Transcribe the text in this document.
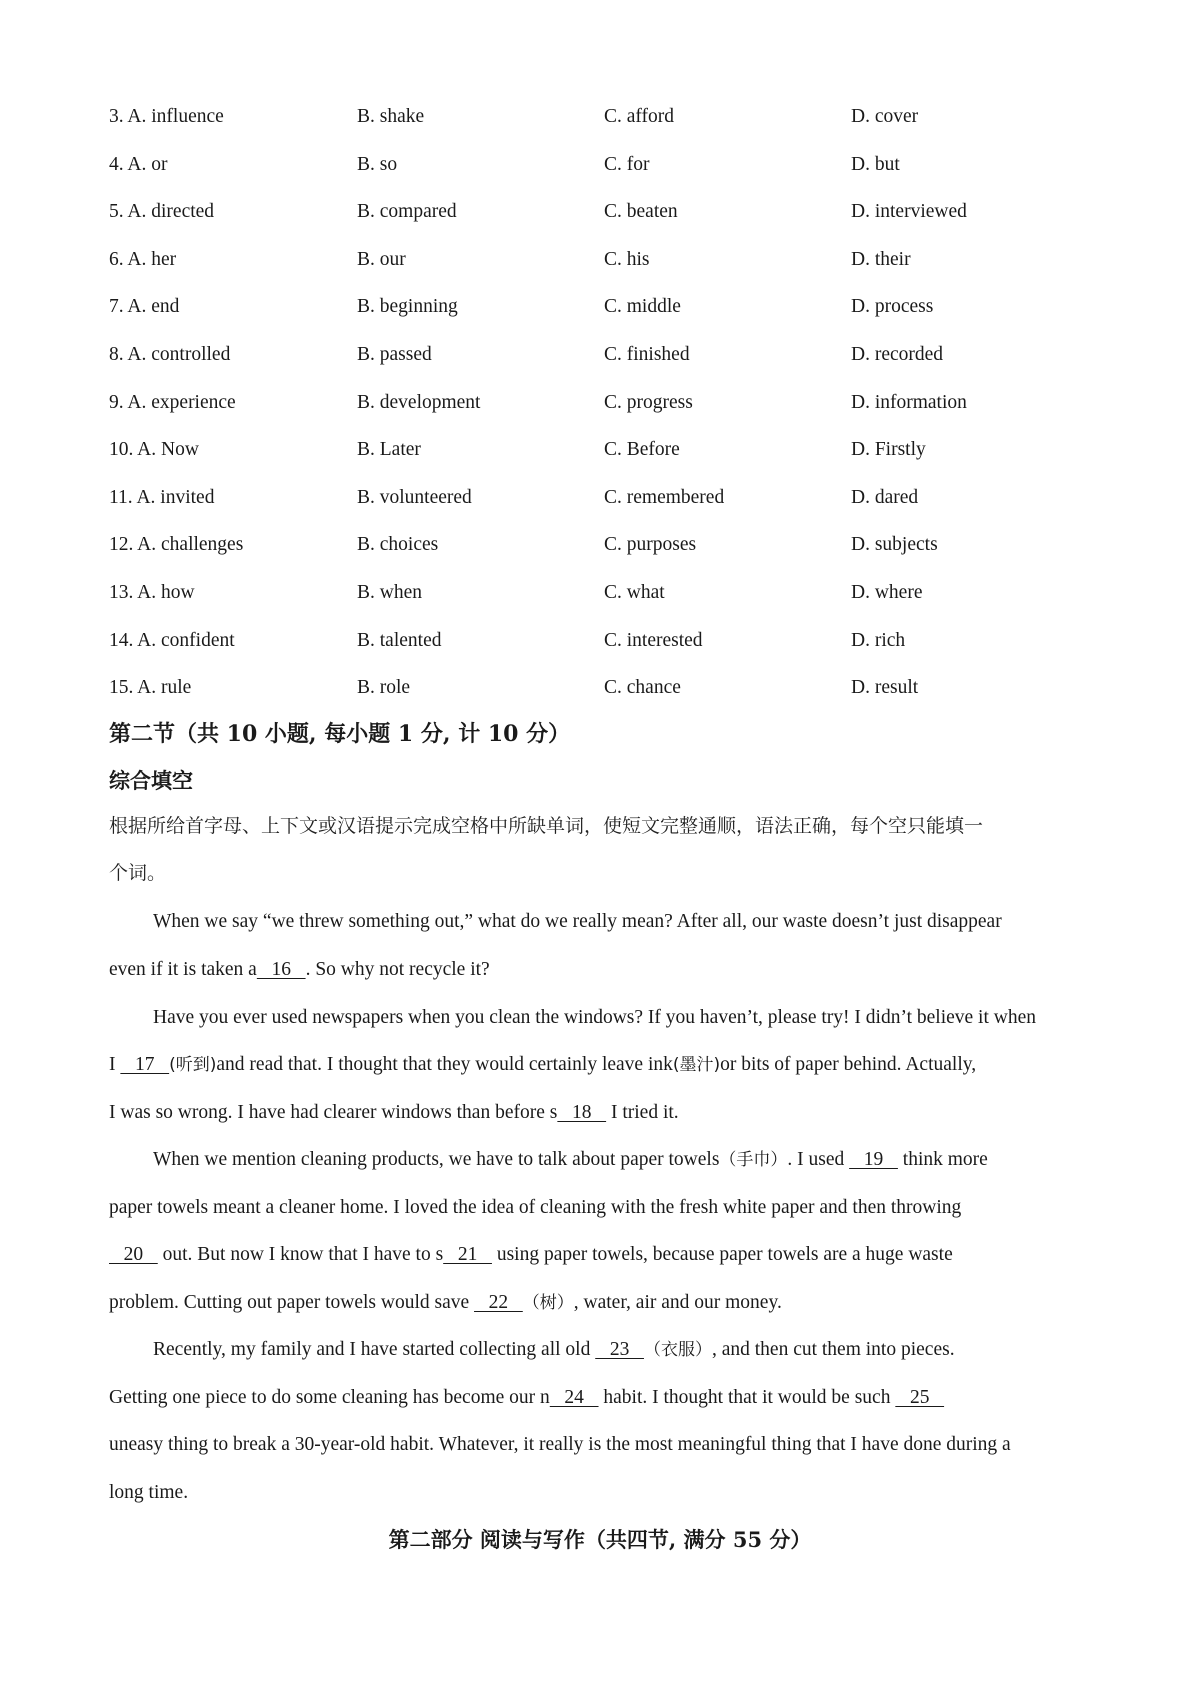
3. A. influence	B. shake	C. afford	D. cover
4. A. or	B. so	C. for	D. but
5. A. directed	B. compared	C. beaten	D. interviewed
6. A. her	B. our	C. his	D. their
7. A. end	B. beginning	C. middle	D. process
8. A. controlled	B. passed	C. finished	D. recorded
9. A. experience	B. development	C. progress	D. information
10. A. Now	B. Later	C. Before	D. Firstly
11. A. invited	B. volunteered	C. remembered	D. dared
12. A. challenges	B. choices	C. purposes	D. subjects
13. A. how	B. when	C. what	D. where
14. A. confident	B. talented	C. interested	D. rich
15. A. rule	B. role	C. chance	D. result
第二节（共 10 小题, 每小题 1 分, 计 10 分）
综合填空
根据所给首字母、上下文或汉语提示完成空格中所缺单词，使短文完整通顺，语法正确，每个空只能填一
个词。
When we say “we threw something out,” what do we really mean? After all, our waste doesn’t just disappear
even if it is taken a   16   . So why not recycle it?
Have you ever used newspapers when you clean the windows? If you haven’t, please try! I didn’t believe it when
I    17   (听到)and read that. I thought that they would certainly leave ink(墨汁)or bits of paper behind. Actually,
I was so wrong. I have had clearer windows than before s   18    I tried it.
When we mention cleaning products, we have to talk about paper towels（手巾）. I used    19    think more
paper towels meant a cleaner home. I loved the idea of cleaning with the fresh white paper and then throwing
20    out. But now I know that I have to s   21    using paper towels, because paper towels are a huge waste
problem. Cutting out paper towels would save    22   （树）, water, air and our money.
Recently, my family and I have started collecting all old    23   （衣服）, and then cut them into pieces.
Getting one piece to do some cleaning has become our n   24    habit. I thought that it would be such    25
uneasy thing to break a 30-year-old habit. Whatever, it really is the most meaningful thing that I have done during a
long time.
第二部分 阅读与写作（共四节, 满分 55 分）
